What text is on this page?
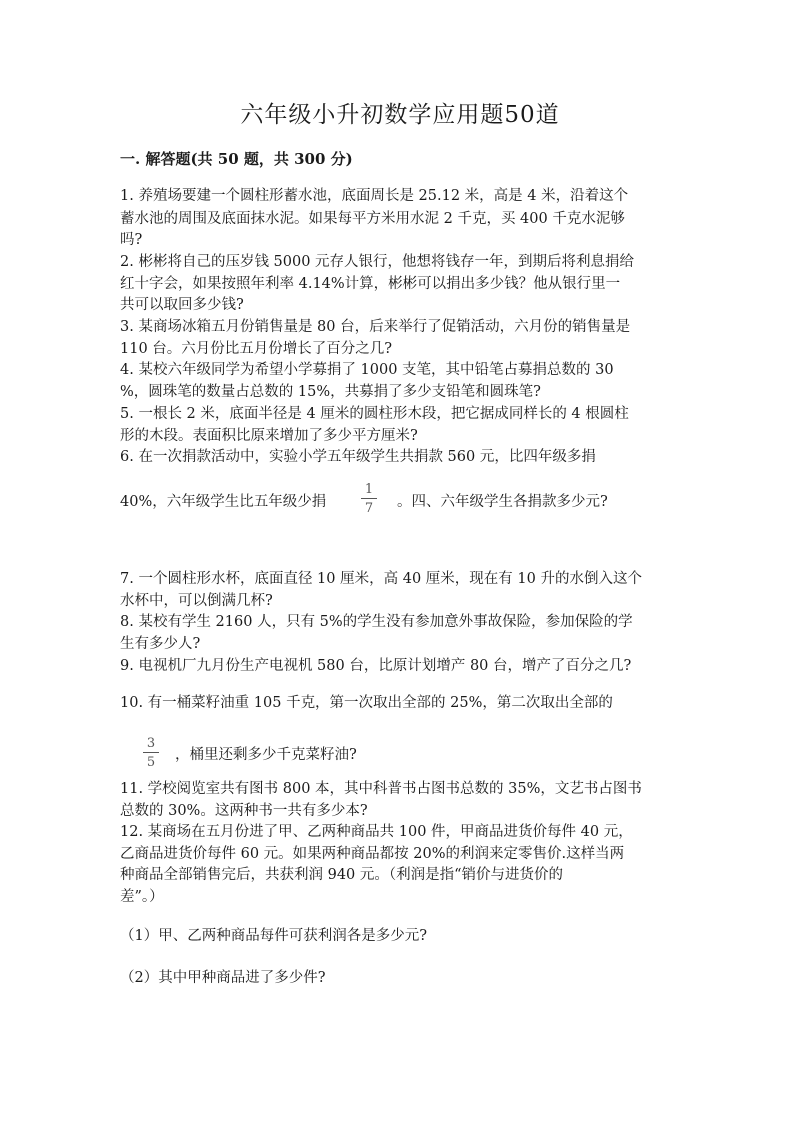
六年级小升初数学应用题50道
一. 解答题(共 50 题，共 300 分)
1. 养殖场要建一个圆柱形蓄水池，底面周长是 25.12 米，高是 4 米，沿着这个
蓄水池的周围及底面抹水泥。如果每平方米用水泥 2 千克，买 400 千克水泥够
吗?
2. 彬彬将自己的压岁钱 5000 元存人银行，他想将钱存一年，到期后将利息捐给
红十字会，如果按照年利率 4.14%计算，彬彬可以捐出多少钱？他从银行里一
共可以取回多少钱?
3. 某商场冰箱五月份销售量是 80 台，后来举行了促销活动，六月份的销售量是
110 台。六月份比五月份增长了百分之几?
4. 某校六年级同学为希望小学募捐了 1000 支笔，其中铅笔占募捐总数的 30
%，圆珠笔的数量占总数的 15%，共募捐了多少支铅笔和圆珠笔?
5. 一根长 2 米，底面半径是 4 厘米的圆柱形木段，把它据成同样长的 4 根圆柱
形的木段。表面积比原来增加了多少平方厘米?
6. 在一次捐款活动中，实验小学五年级学生共捐款 560 元，比四年级多捐
40%，六年级学生比五年级少捐
1
7 。四、六年级学生各捐款多少元?
7. 一个圆柱形水杯，底面直径 10 厘米，高 40 厘米，现在有 10 升的水倒入这个
水杯中，可以倒满几杯?
8. 某校有学生 2160 人，只有 5%的学生没有参加意外事故保险，参加保险的学
生有多少人?
9. 电视机厂九月份生产电视机 580 台，比原计划增产 80 台，增产了百分之几?
10. 有一桶菜籽油重 105 千克，第一次取出全部的 25%，第二次取出全部的
3
5 ，桶里还剩多少千克菜籽油?
11. 学校阅览室共有图书 800 本，其中科普书占图书总数的 35%，文艺书占图书
总数的 30%。这两种书一共有多少本?
12. 某商场在五月份进了甲、乙两种商品共 100 件，甲商品进货价每件 40 元，
乙商品进货价每件 60 元。如果两种商品都按 20%的利润来定零售价.这样当两
种商品全部销售完后，共获利润 940 元。（利润是指“销价与进货价的
差”。）
（1）甲、乙两种商品每件可获利润各是多少元?
（2）其中甲种商品进了多少件?
